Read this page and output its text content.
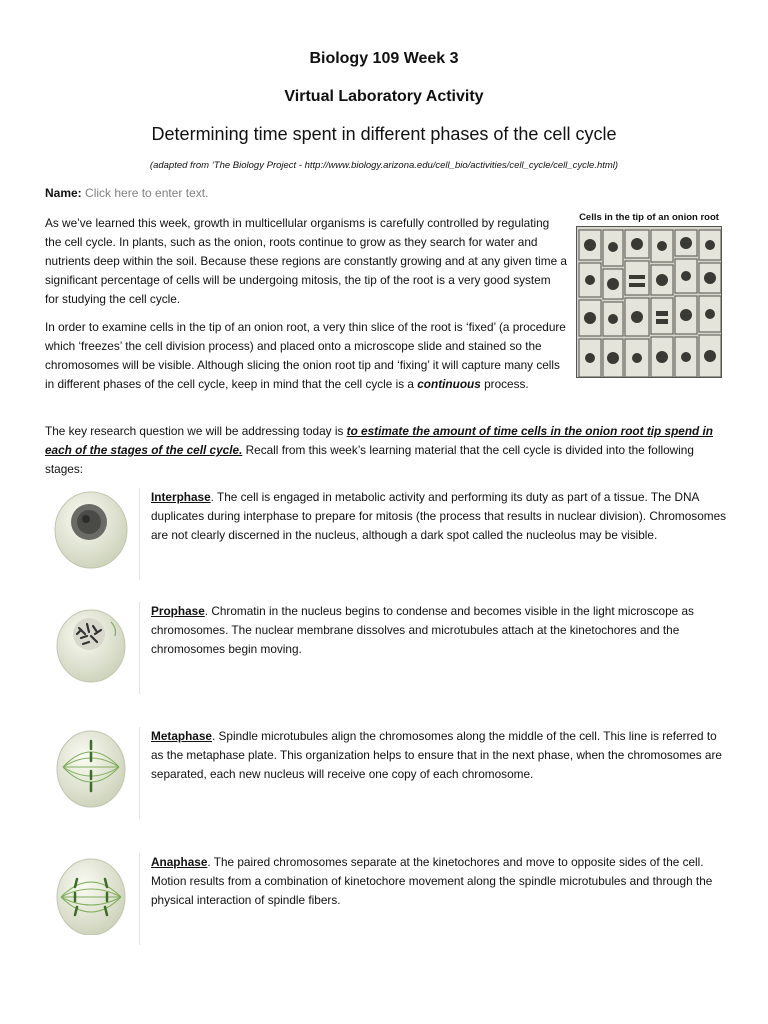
Biology 109 Week 3
Virtual Laboratory Activity
Determining time spent in different phases of the cell cycle
(adapted from ‘The Biology Project - http://www.biology.arizona.edu/cell_bio/activities/cell_cycle/cell_cycle.html)
Name: Click here to enter text.
As we’ve learned this week, growth in multicellular organisms is carefully controlled by regulating the cell cycle. In plants, such as the onion, roots continue to grow as they search for water and nutrients deep within the soil. Because these regions are constantly growing and at any given time a significant percentage of cells will be undergoing mitosis, the tip of the root is a very good system for studying the cell cycle.
In order to examine cells in the tip of an onion root, a very thin slice of the root is ‘fixed’ (a procedure which ‘freezes’ the cell division process) and placed onto a microscope slide and stained so the chromosomes will be visible. Although slicing the onion root tip and ‘fixing’ it will capture many cells in different phases of the cell cycle, keep in mind that the cell cycle is a continuous process.
The key research question we will be addressing today is to estimate the amount of time cells in the onion root tip spend in each of the stages of the cell cycle. Recall from this week’s learning material that the cell cycle is divided into the following stages:
Cells in the tip of an onion root
Interphase. The cell is engaged in metabolic activity and performing its duty as part of a tissue. The DNA duplicates during interphase to prepare for mitosis (the process that results in nuclear division). Chromosomes are not clearly discerned in the nucleus, although a dark spot called the nucleolus may be visible.
Prophase. Chromatin in the nucleus begins to condense and becomes visible in the light microscope as chromosomes. The nuclear membrane dissolves and microtubules attach at the kinetochores and the chromosomes begin moving.
Metaphase. Spindle microtubules align the chromosomes along the middle of the cell. This line is referred to as the metaphase plate. This organization helps to ensure that in the next phase, when the chromosomes are separated, each new nucleus will receive one copy of each chromosome.
Anaphase. The paired chromosomes separate at the kinetochores and move to opposite sides of the cell. Motion results from a combination of kinetochore movement along the spindle microtubules and through the physical interaction of spindle fibers.
